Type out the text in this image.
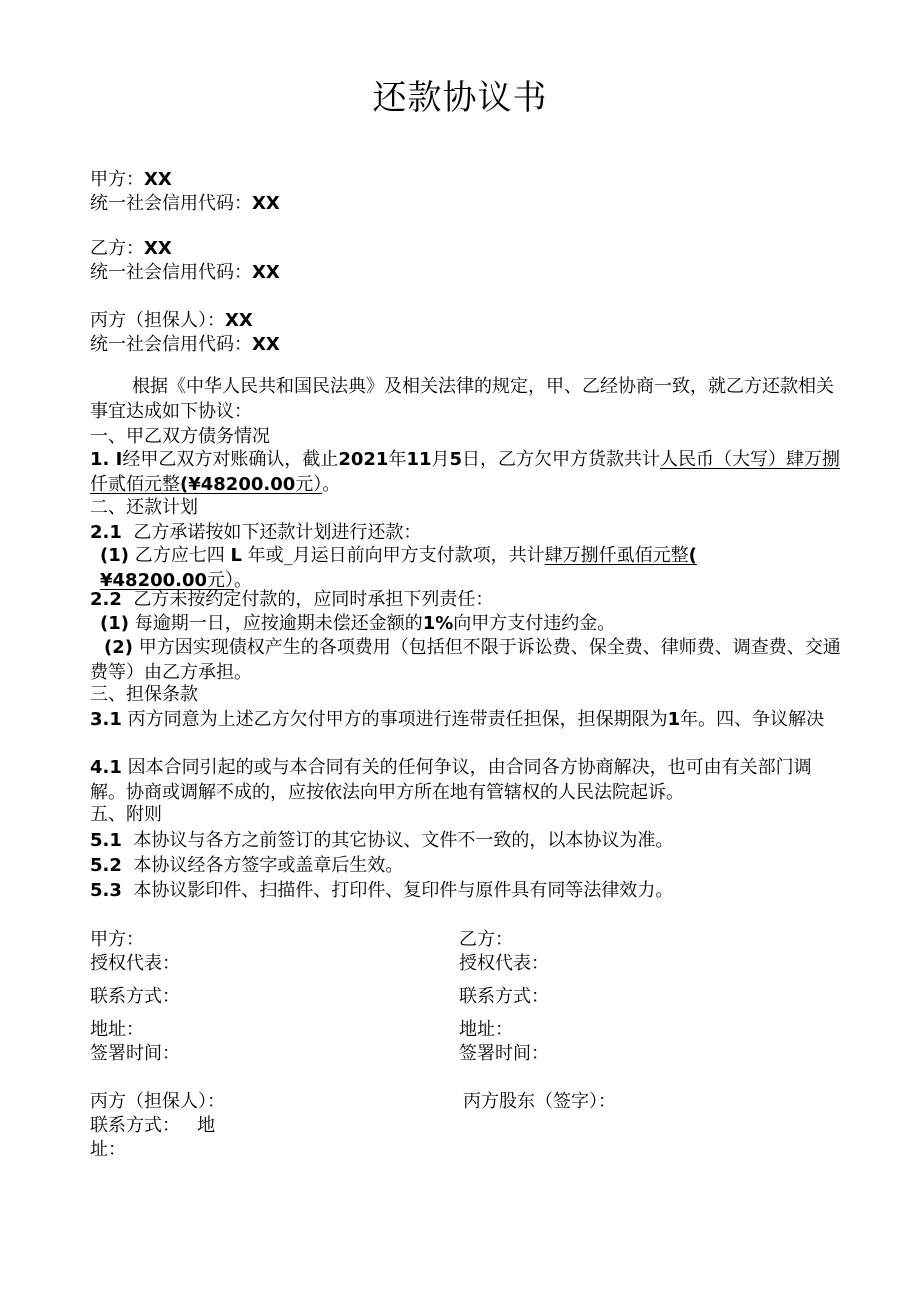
还款协议书
甲方：XX
统一社会信用代码：XX
乙方：XX
统一社会信用代码：XX
丙方（担保人）：XX
统一社会信用代码：XX
根据《中华人民共和国民法典》及相关法律的规定，甲、乙经协商一致，就乙方还款相关事宜达成如下协议：
一、甲乙双方债务情况
1. I经甲乙双方对账确认，截止2021年11月5日，乙方欠甲方货款共计人民币（大写）肆万捌仟贰佰元整(¥48200.00元）。
二、还款计划
2.1 乙方承诺按如下还款计划进行还款：
(1) 乙方应七四 L 年或_月运日前向甲方支付款项，共计肆万捌仟虱佰元整( ¥48200.00元）。
2.2 乙方未按约定付款的，应同时承担下列责任：
(1) 每逾期一日，应按逾期未偿还金额的1%向甲方支付违约金。
(2) 甲方因实现债权产生的各项费用（包括但不限于诉讼费、保全费、律师费、调查费、交通费等）由乙方承担。
三、担保条款
3.1 丙方同意为上述乙方欠付甲方的事项进行连带责任担保，担保期限为1年。四、争议解决
4.1 因本合同引起的或与本合同有关的任何争议，由合同各方协商解决，也可由有关部门调解。协商或调解不成的，应按依法向甲方所在地有管辖权的人民法院起诉。
五、附则
5.1 本协议与各方之前签订的其它协议、文件不一致的，以本协议为准。
5.2 本协议经各方签字或盖章后生效。
5.3 本协议影印件、扫描件、打印件、复印件与原件具有同等法律效力。
甲方：	乙方：
授权代表：	授权代表：
联系方式：	联系方式：
地址：	地址：
签署时间：	签署时间：
丙方（担保人）：	丙方股东（签字）：
联系方式： 地
址：
